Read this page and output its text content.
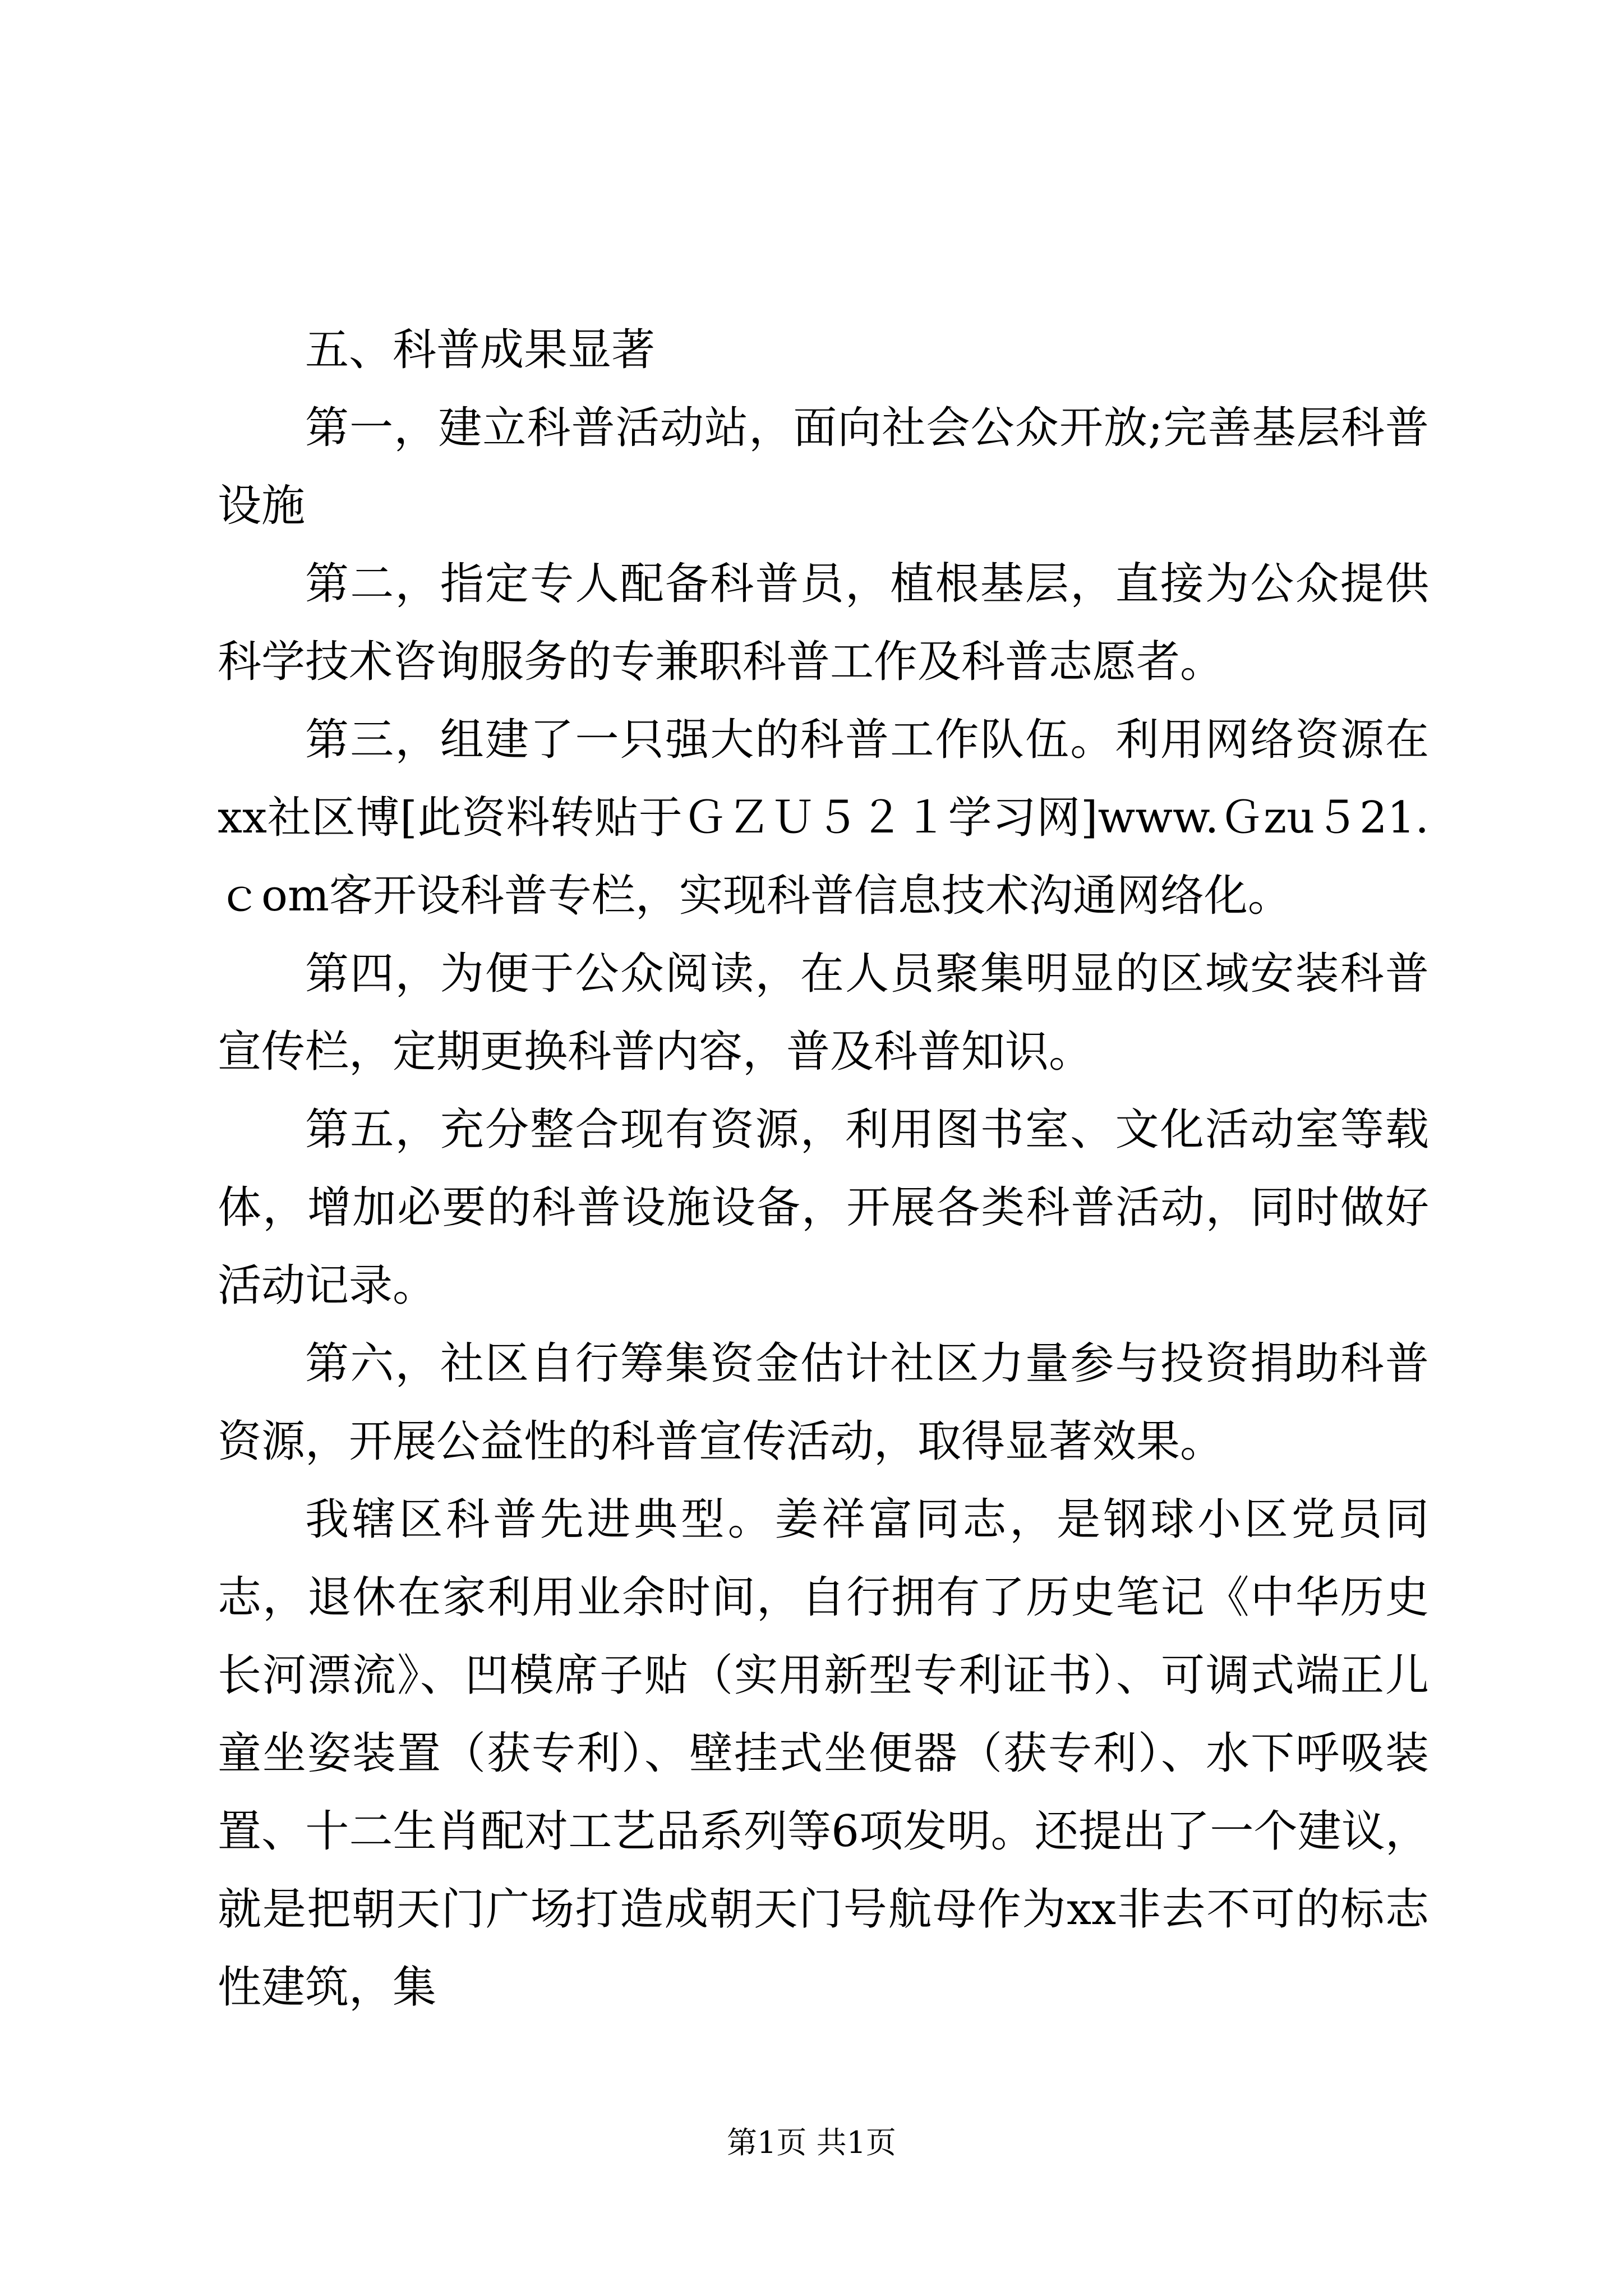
五、科普成果显著

第一，建立科普活动站，面向社会公众开放;完善基层科普设施

第二，指定专人配备科普员，植根基层，直接为公众提供科学技术咨询服务的专兼职科普工作及科普志愿者。

第三，组建了一只强大的科普工作队伍。利用网络资源在xx社区博[此资料转贴于ＧＺＵ５２１学习网]www.Ｇzu５21.ｃom客开设科普专栏，实现科普信息技术沟通网络化。

第四，为便于公众阅读，在人员聚集明显的区域安装科普宣传栏，定期更换科普内容，普及科普知识。

第五，充分整合现有资源，利用图书室、文化活动室等载体，增加必要的科普设施设备，开展各类科普活动，同时做好活动记录。

第六，社区自行筹集资金估计社区力量参与投资捐助科普资源，开展公益性的科普宣传活动，取得显著效果。

我辖区科普先进典型。姜祥富同志，是钢球小区党员同志，退休在家利用业余时间，自行拥有了历史笔记《中华历史长河漂流》、凹模席子贴（实用新型专利证书）、可调式端正儿童坐姿装置（获专利）、壁挂式坐便器（获专利）、水下呼吸装置、十二生肖配对工艺品系列等6项发明。还提出了一个建议，就是把朝天门广场打造成朝天门号航母作为xx非去不可的标志性建筑，集

第1页 共1页
